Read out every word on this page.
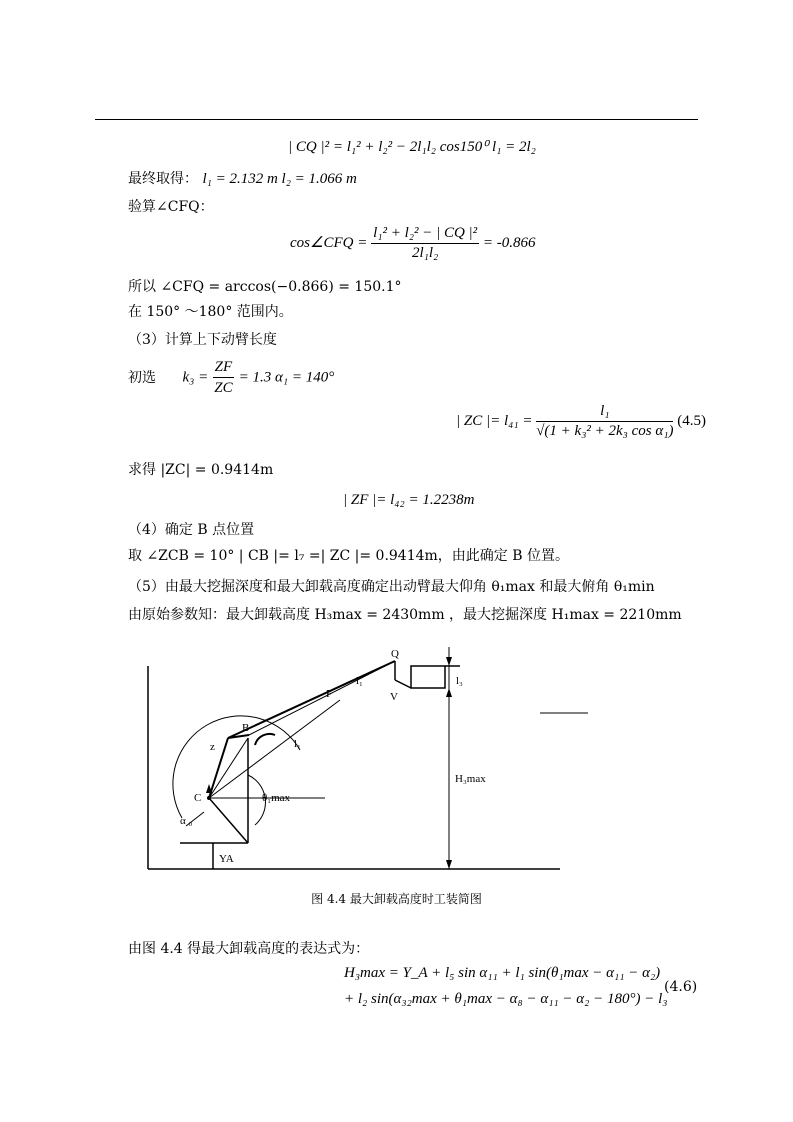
| CQ |² = l₁² + l₂² − 2l₁l₂ cos150⁰ l₁ = 2l₂
最终取得： l₁ = 2.132 m l₂ = 1.066 m
验算∠CFQ：
cos∠CFQ = $\frac{\text{l₁² + l₂² − | CQ |²}}{\text{2l₁l₂}} = -0.866$
所以 ∠CFQ = arccos(−0.866) = 150.1°
在 150° ～180° 范围内。
（3）计算上下动臂长度
初选 $k_3 = \frac{ZF}{ZC} = 1.3$ α₁ = 140°
| ZC |= $l_{41} = \frac{\text{l₁}}{\text{√(1 + k₃² + 2k₃ cos α₁)}} (4.5)$
求得 |ZC| = 0.9414m
| ZF |= l₄₂ = 1.2238m
（4）确定 B 点位置
取 ∠ZCB = 10° | CB |= l₇ =| ZC |= 0.9414m，由此确定 B 位置。
（5）由最大挖掘深度和最大卸载高度确定出动臂最大仰角 θ₁max 和最大俯角 θ₁min
由原始参数知：最大卸载高度 H₃max = 2430mm ，最大挖掘深度 H₁max = 2210mm
Q
V
l₃
F
l₁
B
l₁
z
C	θ₁max
α ₀
YA
H₃max
图 4.4 最大卸载高度时工装简图
由图 4.4 得最大卸载高度的表达式为：
H₃max = Y_A + l₅ sin α₁₁ + l₁ sin(θ₁max − α₁₁ − α₂)
+ l₂ sin(α₃₂max + θ₁max − α₈ − α₁₁ − α₂ − 180°) − l₃
(4.6)
